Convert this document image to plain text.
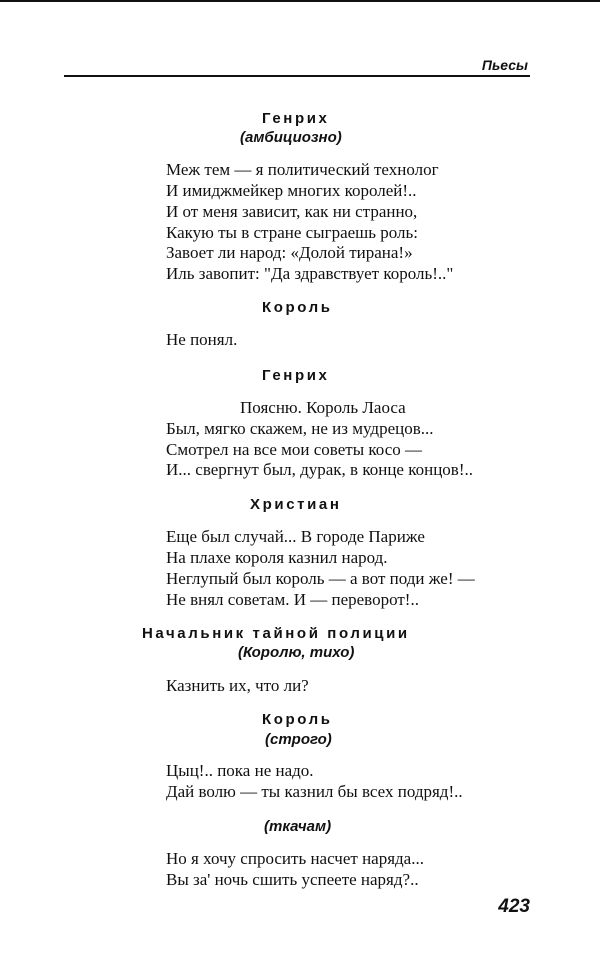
Пьесы
Генрих
(амбициозно)
Меж тем — я политический технолог
И имиджмейкер многих королей!..
И от меня зависит, как ни странно,
Какую ты в стране сыграешь роль:
Завоет ли народ: «Долой тирана!»
Иль завопит: "Да здравствует король!.."
Король
Не понял.
Генрих
Поясню. Король Лаоса
Был, мягко скажем, не из мудрецов...
Смотрел на все мои советы косо —
И... свергнут был, дурак, в конце концов!..
Христиан
Еще был случай... В городе Париже
На плахе короля казнил народ.
Неглупый был король — а вот поди же! —
Не внял советам. И — переворот!..
Начальник тайной полиции
(Королю, тихо)
Казнить их, что ли?
Король
(строго)
Цыц!.. пока не надо.
Дай волю — ты казнил бы всех подряд!..
(ткачам)
Но я хочу спросить насчет наряда...
Вы за' ночь сшить успеете наряд?..
423
